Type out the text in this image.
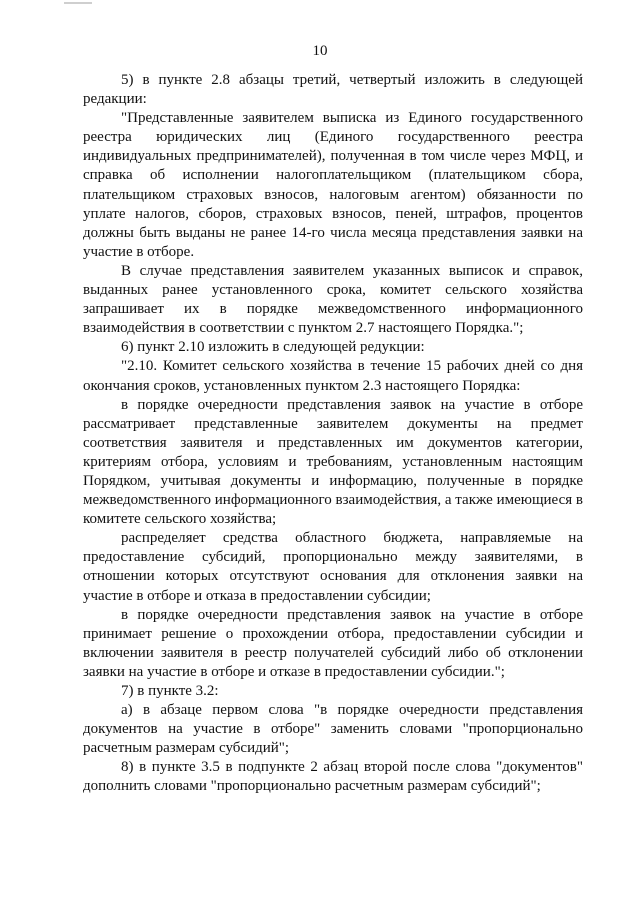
10

5) в пункте 2.8 абзацы третий, четвертый изложить в следующей редакции:

"Представленные заявителем выписка из Единого государственного реестра юридических лиц (Единого государственного реестра индивидуальных предпринимателей), полученная в том числе через МФЦ, и справка об исполнении налогоплательщиком (плательщиком сбора, плательщиком страховых взносов, налоговым агентом) обязанности по уплате налогов, сборов, страховых взносов, пеней, штрафов, процентов должны быть выданы не ранее 14-го числа месяца представления заявки на участие в отборе.

В случае представления заявителем указанных выписок и справок, выданных ранее установленного срока, комитет сельского хозяйства запрашивает их в порядке межведомственного информационного взаимодействия в соответствии с пунктом 2.7 настоящего Порядка.";

6) пункт 2.10 изложить в следующей редукции:

"2.10. Комитет сельского хозяйства в течение 15 рабочих дней со дня окончания сроков, установленных пунктом 2.3 настоящего Порядка:

в порядке очередности представления заявок на участие в отборе рассматривает представленные заявителем документы на предмет соответствия заявителя и представленных им документов категории, критериям отбора, условиям и требованиям, установленным настоящим Порядком, учитывая документы и информацию, полученные в порядке межведомственного информационного взаимодействия, а также имеющиеся в комитете сельского хозяйства;

распределяет средства областного бюджета, направляемые на предоставление субсидий, пропорционально между заявителями, в отношении которых отсутствуют основания для отклонения заявки на участие в отборе и отказа в предоставлении субсидии;

в порядке очередности представления заявок на участие в отборе принимает решение о прохождении отбора, предоставлении субсидии и включении заявителя в реестр получателей субсидий либо об отклонении заявки на участие в отборе и отказе в предоставлении субсидии.";

7) в пункте 3.2:

а) в абзаце первом слова "в порядке очередности представления документов на участие в отборе" заменить словами "пропорционально расчетным размерам субсидий";

8) в пункте 3.5 в подпункте 2 абзац второй после слова "документов" дополнить словами "пропорционально расчетным размерам субсидий";
